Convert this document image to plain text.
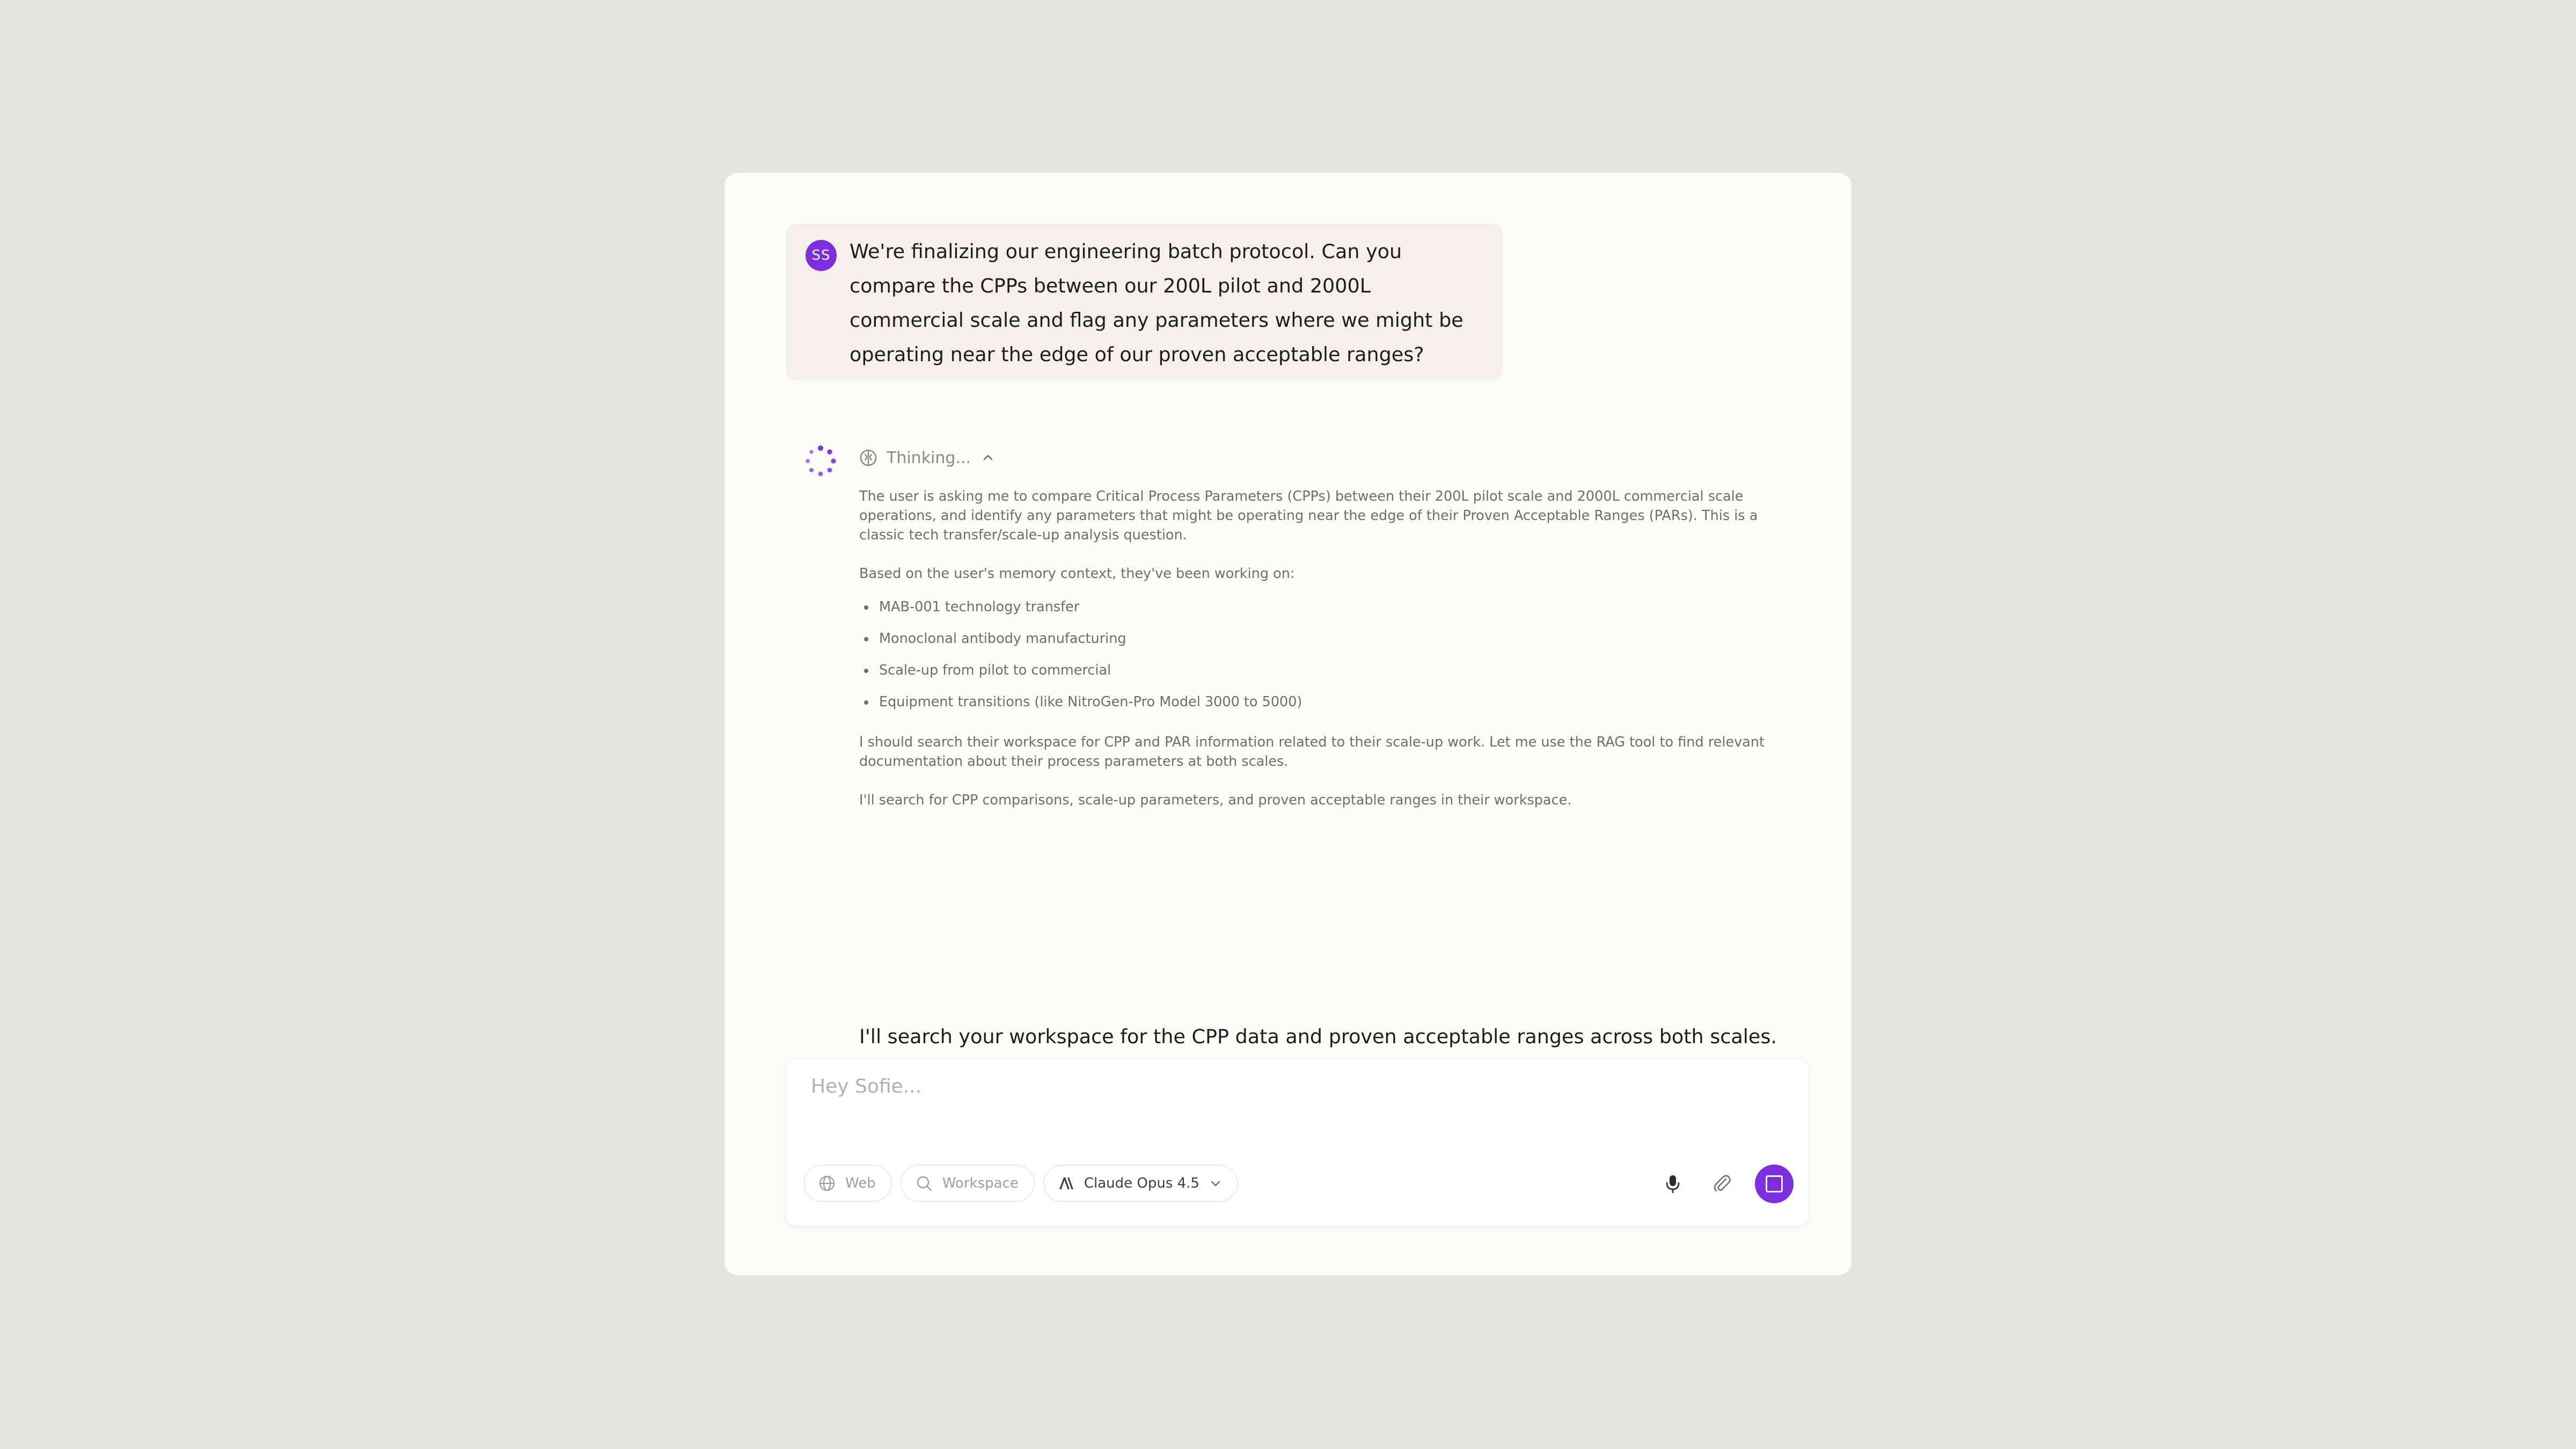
SS We're finalizing our engineering batch protocol. Can you compare the CPPs between our 200L pilot and 2000L commercial scale and flag any parameters where we might be operating near the edge of our proven acceptable ranges?
Thinking...

The user is asking me to compare Critical Process Parameters (CPPs) between their 200L pilot scale and 2000L commercial scale operations, and identify any parameters that might be operating near the edge of their Proven Acceptable Ranges (PARs). This is a classic tech transfer/scale-up analysis question.

Based on the user's memory context, they've been working on:

MAB-001 technology transfer
Monoclonal antibody manufacturing
Scale-up from pilot to commercial
Equipment transitions (like NitroGen-Pro Model 3000 to 5000)

I should search their workspace for CPP and PAR information related to their scale-up work. Let me use the RAG tool to find relevant documentation about their process parameters at both scales.

I'll search for CPP comparisons, scale-up parameters, and proven acceptable ranges in their workspace.

I'll search your workspace for the CPP data and proven acceptable ranges across both scales.
Hey Sofie...
Web	Workspace	Claude Opus 4.5
